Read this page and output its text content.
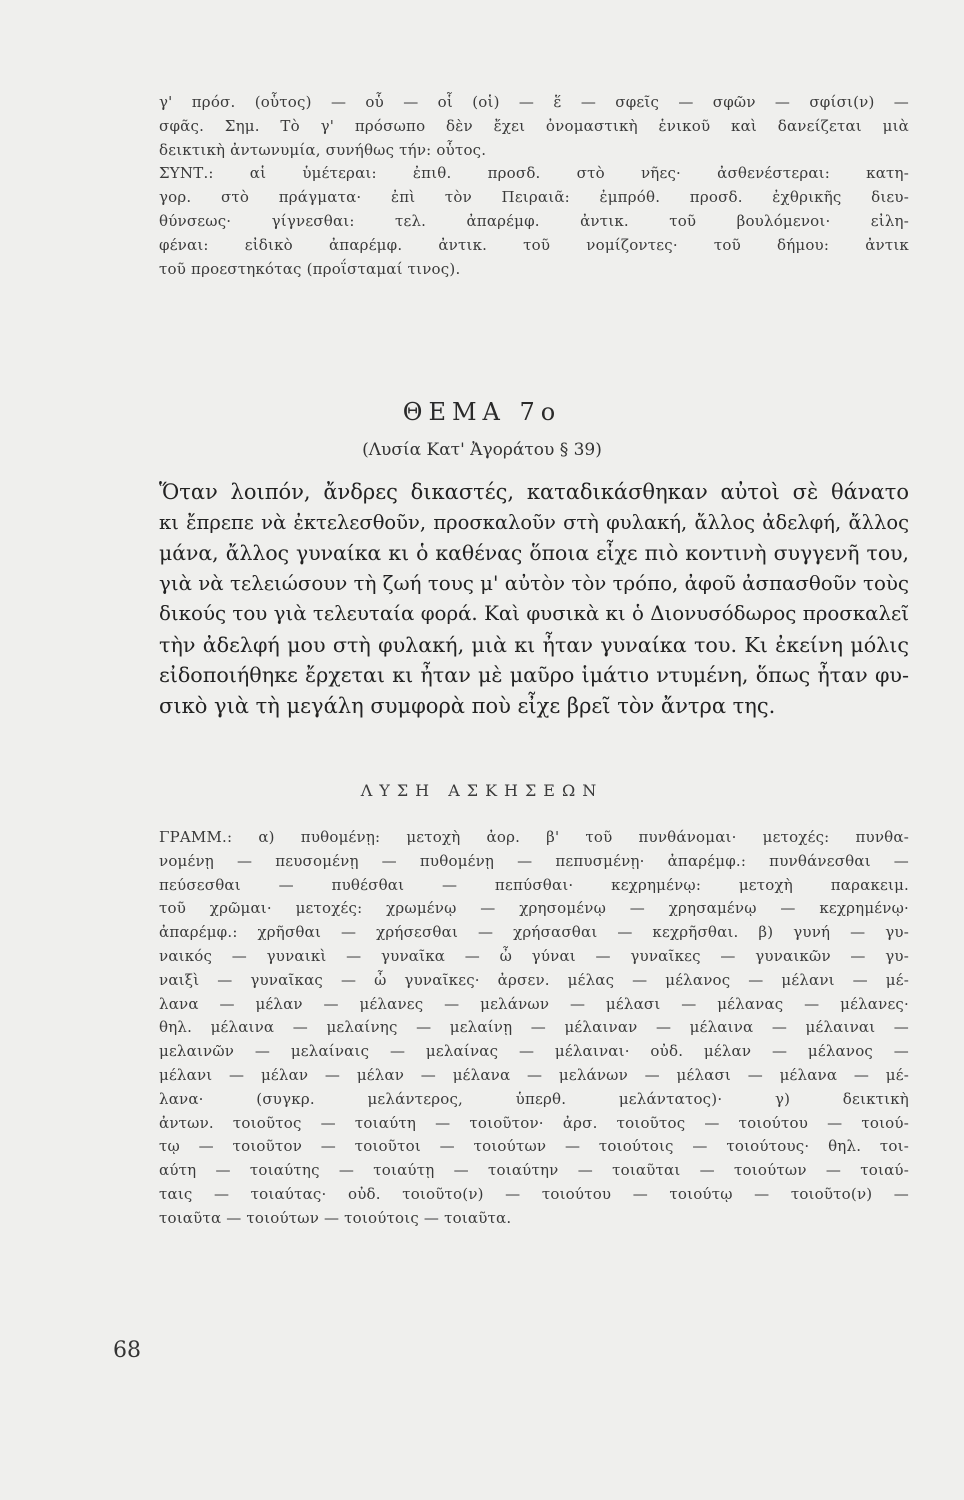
γ' πρόσ. (οὗτος) — οὗ — οἷ (οἱ) — ἕ — σφεῖς — σφῶν — σφίσι(ν) —
σφᾶς. Σημ. Τὸ γ' πρόσωπο δὲν ἔχει ὀνομαστικὴ ἑνικοῦ καὶ δανείζεται μιὰ
δεικτικὴ ἀντωνυμία, συνήθως τήν: οὗτος.
ΣΥΝΤ.: αἱ ὑμέτεραι: ἐπιθ. προσδ. στὸ νῆες· ἀσθενέστεραι: κατη-
γορ. στὸ πράγματα· ἐπὶ τὸν Πειραιᾶ: ἐμπρόθ. προσδ. ἐχθρικῆς διευ-
θύνσεως· γίγνεσθαι: τελ. ἀπαρέμφ. ἀντικ. τοῦ βουλόμενοι· εἰλη-
φέναι: εἰδικὸ ἀπαρέμφ. ἀντικ. τοῦ νομίζοντες· τοῦ δήμου: ἀντικ
τοῦ προεστηκότας (προΐσταμαί τινος).
ΘΕΜΑ 7ο
(Λυσία Κατ' Ἀγοράτου § 39)
Ὅταν λοιπόν, ἄνδρες δικαστές, καταδικάσθηκαν αὐτοὶ σὲ θάνατο
κι ἔπρεπε νὰ ἐκτελεσθοῦν, προσκαλοῦν στὴ φυλακή, ἄλλος ἀδελφή, ἄλλος
μάνα, ἄλλος γυναίκα κι ὁ καθένας ὅποια εἶχε πιὸ κοντινὴ συγγενῆ του,
γιὰ νὰ τελειώσουν τὴ ζωή τους μ' αὐτὸν τὸν τρόπο, ἀφοῦ ἀσπασθοῦν τοὺς
δικούς του γιὰ τελευταία φορά. Καὶ φυσικὰ κι ὁ Διονυσόδωρος προσκαλεῖ
τὴν ἀδελφή μου στὴ φυλακή, μιὰ κι ἦταν γυναίκα του. Κι ἐκείνη μόλις
εἰδοποιήθηκε ἔρχεται κι ἦταν μὲ μαῦρο ἱμάτιο ντυμένη, ὅπως ἦταν φυ-
σικὸ γιὰ τὴ μεγάλη συμφορὰ ποὺ εἶχε βρεῖ τὸν ἄντρα της.
ΛΥΣΗ ΑΣΚΗΣΕΩΝ
ΓΡΑΜΜ.: α) πυθομένῃ: μετοχὴ ἀορ. β' τοῦ πυνθάνομαι· μετοχές: πυνθα-
νομένῃ — πευσομένῃ — πυθομένῃ — πεπυσμένῃ· ἀπαρέμφ.: πυνθάνεσθαι —
πεύσεσθαι — πυθέσθαι — πεπύσθαι· κεχρημένῳ: μετοχὴ παρακειμ.
τοῦ χρῶμαι· μετοχές: χρωμένῳ — χρησομένῳ — χρησαμένῳ — κεχρημένῳ·
ἀπαρέμφ.: χρῆσθαι — χρήσεσθαι — χρήσασθαι — κεχρῆσθαι. β) γυνή — γυ-
ναικός — γυναικὶ — γυναῖκα — ὦ γύναι — γυναῖκες — γυναικῶν — γυ-
ναιξὶ — γυναῖκας — ὦ γυναῖκες· ἀρσεν. μέλας — μέλανος — μέλανι — μέ-
λανα — μέλαν — μέλανες — μελάνων — μέλασι — μέλανας — μέλανες·
θηλ. μέλαινα — μελαίνης — μελαίνῃ — μέλαιναν — μέλαινα — μέλαιναι —
μελαινῶν — μελαίναις — μελαίνας — μέλαιναι· οὐδ. μέλαν — μέλανος —
μέλανι — μέλαν — μέλαν — μέλανα — μελάνων — μέλασι — μέλανα — μέ-
λανα· (συγκρ. μελάντερος, ὑπερθ. μελάντατος)· γ) δεικτικὴ
ἀντων. τοιοῦτος — τοιαύτη — τοιοῦτον· ἀρσ. τοιοῦτος — τοιούτου — τοιού-
τῳ — τοιοῦτον — τοιοῦτοι — τοιούτων — τοιούτοις — τοιούτους· θηλ. τοι-
αύτη — τοιαύτης — τοιαύτῃ — τοιαύτην — τοιαῦται — τοιούτων — τοιαύ-
ταις — τοιαύτας· οὐδ. τοιοῦτο(ν) — τοιούτου — τοιούτῳ — τοιοῦτο(ν) —
τοιαῦτα — τοιούτων — τοιούτοις — τοιαῦτα.
68
